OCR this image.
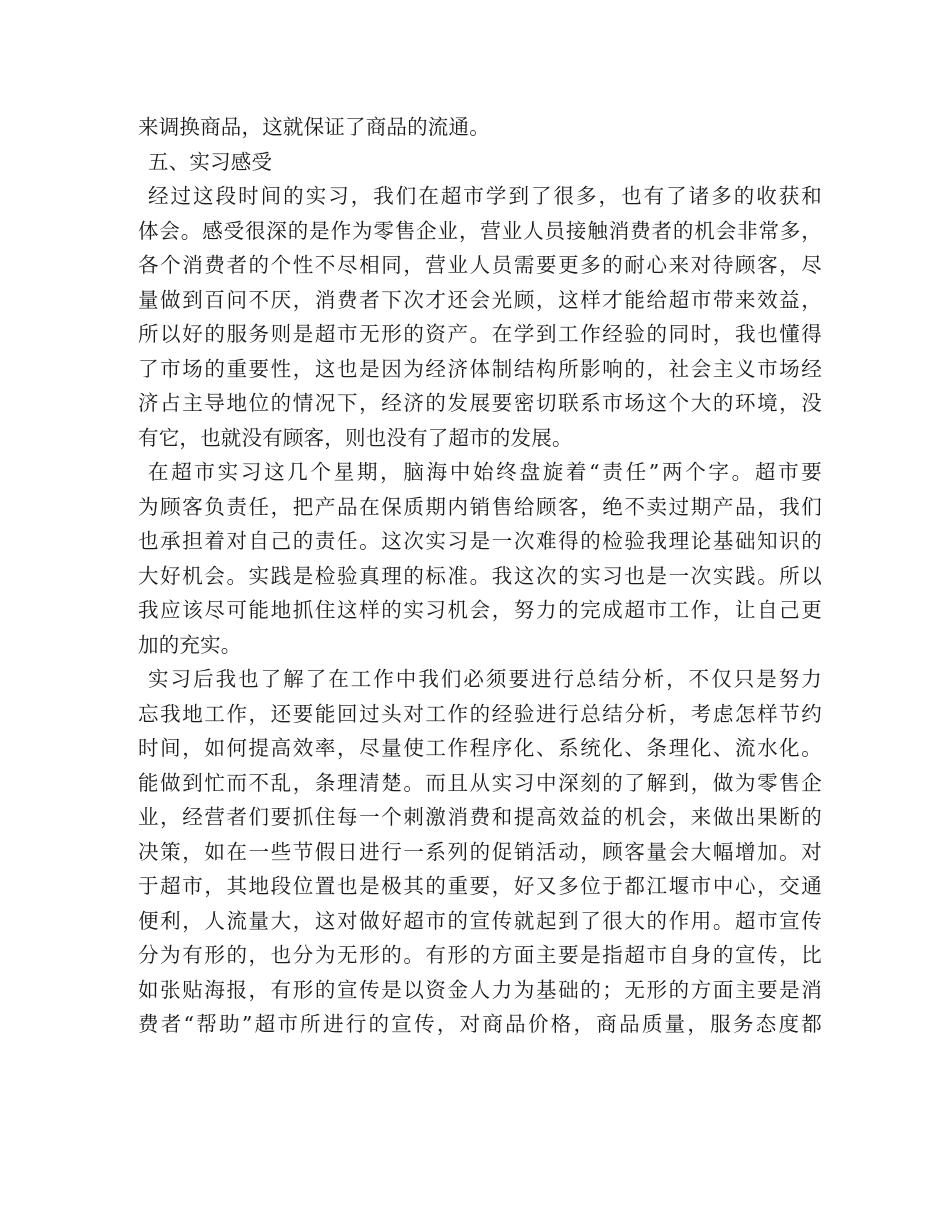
来调换商品，这就保证了商品的流通。
五、实习感受
经过这段时间的实习，我们在超市学到了很多，也有了诸多的收获和
体会。感受很深的是作为零售企业，营业人员接触消费者的机会非常多，
各个消费者的个性不尽相同，营业人员需要更多的耐心来对待顾客，尽
量做到百问不厌，消费者下次才还会光顾，这样才能给超市带来效益，
所以好的服务则是超市无形的资产。在学到工作经验的同时，我也懂得
了市场的重要性，这也是因为经济体制结构所影响的，社会主义市场经
济占主导地位的情况下，经济的发展要密切联系市场这个大的环境，没
有它，也就没有顾客，则也没有了超市的发展。
在超市实习这几个星期，脑海中始终盘旋着“责任”两个字。超市要
为顾客负责任，把产品在保质期内销售给顾客，绝不卖过期产品，我们
也承担着对自己的责任。这次实习是一次难得的检验我理论基础知识的
大好机会。实践是检验真理的标准。我这次的实习也是一次实践。所以
我应该尽可能地抓住这样的实习机会，努力的完成超市工作，让自己更
加的充实。
实习后我也了解了在工作中我们必须要进行总结分析，不仅只是努力
忘我地工作，还要能回过头对工作的经验进行总结分析，考虑怎样节约
时间，如何提高效率，尽量使工作程序化、系统化、条理化、流水化。
能做到忙而不乱，条理清楚。而且从实习中深刻的了解到，做为零售企
业，经营者们要抓住每一个刺激消费和提高效益的机会，来做出果断的
决策，如在一些节假日进行一系列的促销活动，顾客量会大幅增加。对
于超市，其地段位置也是极其的重要，好又多位于都江堰市中心，交通
便利，人流量大，这对做好超市的宣传就起到了很大的作用。超市宣传
分为有形的，也分为无形的。有形的方面主要是指超市自身的宣传，比
如张贴海报，有形的宣传是以资金人力为基础的；无形的方面主要是消
费者“帮助”超市所进行的宣传，对商品价格，商品质量，服务态度都
